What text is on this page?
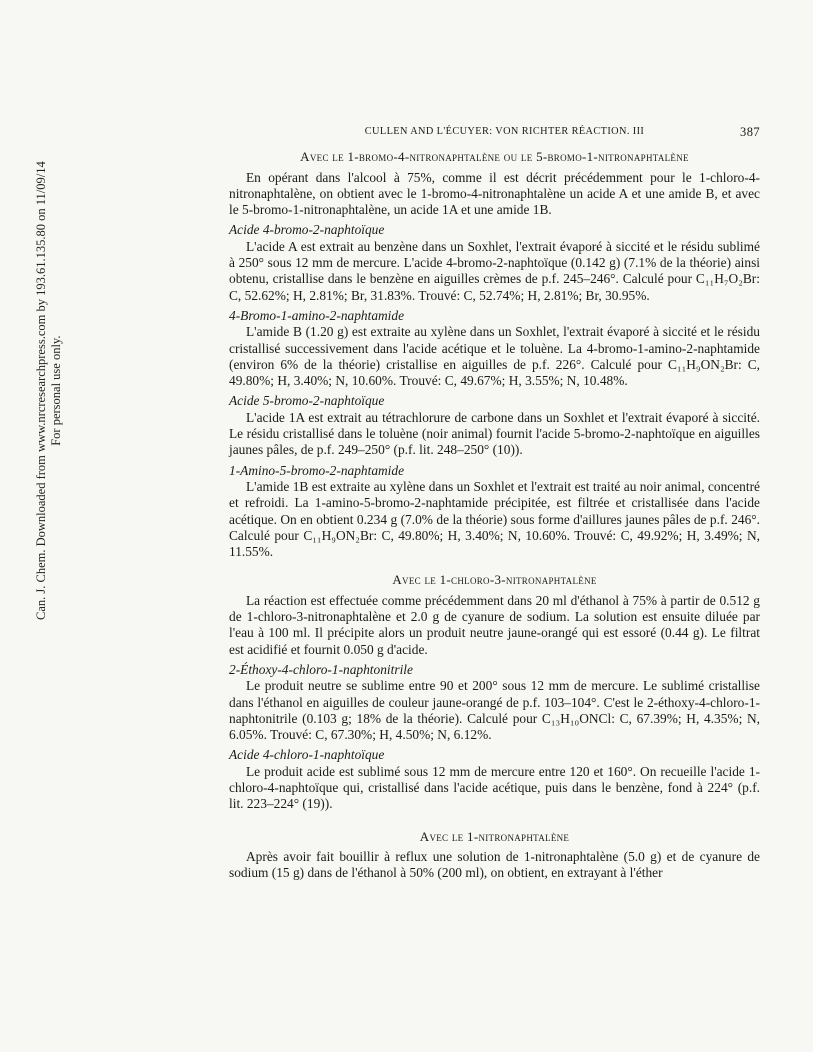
Can. J. Chem. Downloaded from www.nrcresearchpress.com by 193.61.135.80 on 11/09/14 For personal use only.
CULLEN AND L'ÉCUYER: VON RICHTER RÉACTION. III	387
Avec le 1-bromo-4-nitronaphtalène ou le 5-bromo-1-nitronaphtalène

En opérant dans l'alcool à 75%, comme il est décrit précédemment pour le 1-chloro-4-nitronaphtalène, on obtient avec le 1-bromo-4-nitronaphtalène un acide A et une amide B, et avec le 5-bromo-1-nitronaphtalène, un acide 1A et une amide 1B.

Acide 4-bromo-2-naphtoïque

L'acide A est extrait au benzène dans un Soxhlet, l'extrait évaporé à siccité et le résidu sublimé à 250° sous 12 mm de mercure. L'acide 4-bromo-2-naphtoïque (0.142 g) (7.1% de la théorie) ainsi obtenu, cristallise dans le benzène en aiguilles crèmes de p.f. 245–246°. Calculé pour C₁₁H₇O₂Br: C, 52.62%; H, 2.81%; Br, 31.83%. Trouvé: C, 52.74%; H, 2.81%; Br, 30.95%.

4-Bromo-1-amino-2-naphtamide

L'amide B (1.20 g) est extraite au xylène dans un Soxhlet, l'extrait évaporé à siccité et le résidu cristallisé successivement dans l'acide acétique et le toluène. La 4-bromo-1-amino-2-naphtamide (environ 6% de la théorie) cristallise en aiguilles de p.f. 226°. Calculé pour C₁₁H₉ON₂Br: C, 49.80%; H, 3.40%; N, 10.60%. Trouvé: C, 49.67%; H, 3.55%; N, 10.48%.

Acide 5-bromo-2-naphtoïque

L'acide 1A est extrait au tétrachlorure de carbone dans un Soxhlet et l'extrait évaporé à siccité. Le résidu cristallisé dans le toluène (noir animal) fournit l'acide 5-bromo-2-naphtoïque en aiguilles jaunes pâles, de p.f. 249–250° (p.f. lit. 248–250° (10)).

1-Amino-5-bromo-2-naphtamide

L'amide 1B est extraite au xylène dans un Soxhlet et l'extrait est traité au noir animal, concentré et refroidi. La 1-amino-5-bromo-2-naphtamide précipitée, est filtrée et cristallisée dans l'acide acétique. On en obtient 0.234 g (7.0% de la théorie) sous forme d'aillures jaunes pâles de p.f. 246°. Calculé pour C₁₁H₉ON₂Br: C, 49.80%; H, 3.40%; N, 10.60%. Trouvé: C, 49.92%; H, 3.49%; N, 11.55%.

Avec le 1-chloro-3-nitronaphtalène

La réaction est effectuée comme précédemment dans 20 ml d'éthanol à 75% à partir de 0.512 g de 1-chloro-3-nitronaphtalène et 2.0 g de cyanure de sodium. La solution est ensuite diluée par l'eau à 100 ml. Il précipite alors un produit neutre jaune-orangé qui est essoré (0.44 g). Le filtrat est acidifié et fournit 0.050 g d'acide.

2-Éthoxy-4-chloro-1-naphtonitrile

Le produit neutre se sublime entre 90 et 200° sous 12 mm de mercure. Le sublimé cristallise dans l'éthanol en aiguilles de couleur jaune-orangé de p.f. 103–104°. C'est le 2-éthoxy-4-chloro-1-naphtonitrile (0.103 g; 18% de la théorie). Calculé pour C₁₃H₁₀ONCl: C, 67.39%; H, 4.35%; N, 6.05%. Trouvé: C, 67.30%; H, 4.50%; N, 6.12%.

Acide 4-chloro-1-naphtoïque

Le produit acide est sublimé sous 12 mm de mercure entre 120 et 160°. On recueille l'acide 1-chloro-4-naphtoïque qui, cristallisé dans l'acide acétique, puis dans le benzène, fond à 224° (p.f. lit. 223–224° (19)).

Avec le 1-nitronaphtalène

Après avoir fait bouillir à reflux une solution de 1-nitronaphtalène (5.0 g) et de cyanure de sodium (15 g) dans de l'éthanol à 50% (200 ml), on obtient, en extrayant à l'éther
